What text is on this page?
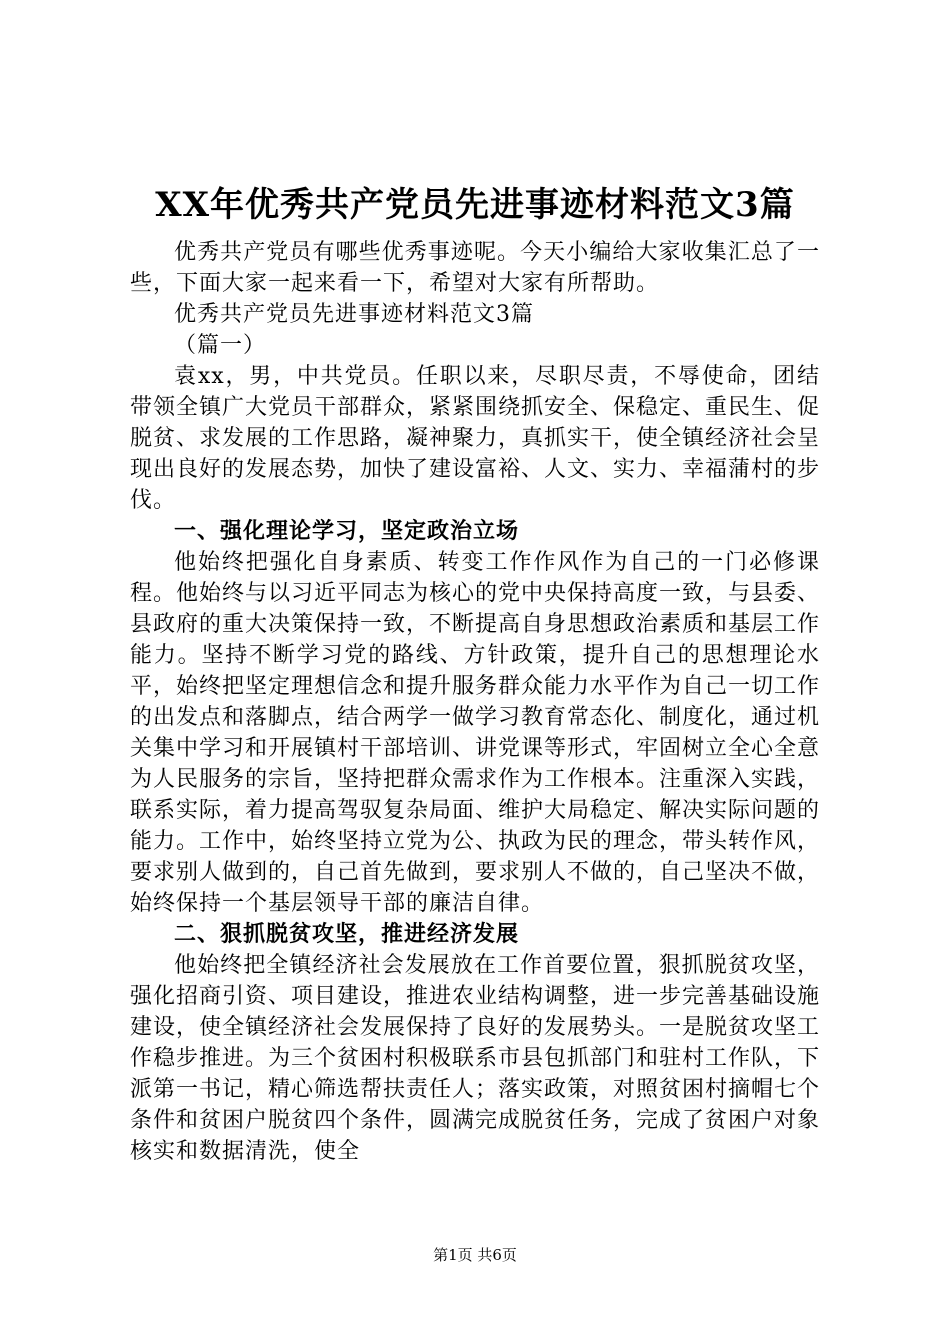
XX年优秀共产党员先进事迹材料范文3篇

优秀共产党员有哪些优秀事迹呢。今天小编给大家收集汇总了一些，下面大家一起来看一下，希望对大家有所帮助。

优秀共产党员先进事迹材料范文3篇

（篇一）

袁xx，男，中共党员。任职以来，尽职尽责，不辱使命，团结带领全镇广大党员干部群众，紧紧围绕抓安全、保稳定、重民生、促脱贫、求发展的工作思路，凝神聚力，真抓实干，使全镇经济社会呈现出良好的发展态势，加快了建设富裕、人文、实力、幸福蒲村的步伐。

一、强化理论学习，坚定政治立场

他始终把强化自身素质、转变工作作风作为自己的一门必修课程。他始终与以习近平同志为核心的党中央保持高度一致，与县委、县政府的重大决策保持一致，不断提高自身思想政治素质和基层工作能力。坚持不断学习党的路线、方针政策，提升自己的思想理论水平，始终把坚定理想信念和提升服务群众能力水平作为自己一切工作的出发点和落脚点，结合两学一做学习教育常态化、制度化，通过机关集中学习和开展镇村干部培训、讲党课等形式，牢固树立全心全意为人民服务的宗旨，坚持把群众需求作为工作根本。注重深入实践，联系实际，着力提高驾驭复杂局面、维护大局稳定、解决实际问题的能力。工作中，始终坚持立党为公、执政为民的理念，带头转作风，要求别人做到的，自己首先做到，要求别人不做的，自己坚决不做，始终保持一个基层领导干部的廉洁自律。

二、狠抓脱贫攻坚，推进经济发展

他始终把全镇经济社会发展放在工作首要位置，狠抓脱贫攻坚，强化招商引资、项目建设，推进农业结构调整，进一步完善基础设施建设，使全镇经济社会发展保持了良好的发展势头。一是脱贫攻坚工作稳步推进。为三个贫困村积极联系市县包抓部门和驻村工作队，下派第一书记，精心筛选帮扶责任人；落实政策，对照贫困村摘帽七个条件和贫困户脱贫四个条件，圆满完成脱贫任务，完成了贫困户对象核实和数据清洗，使全

第1页 共6页
